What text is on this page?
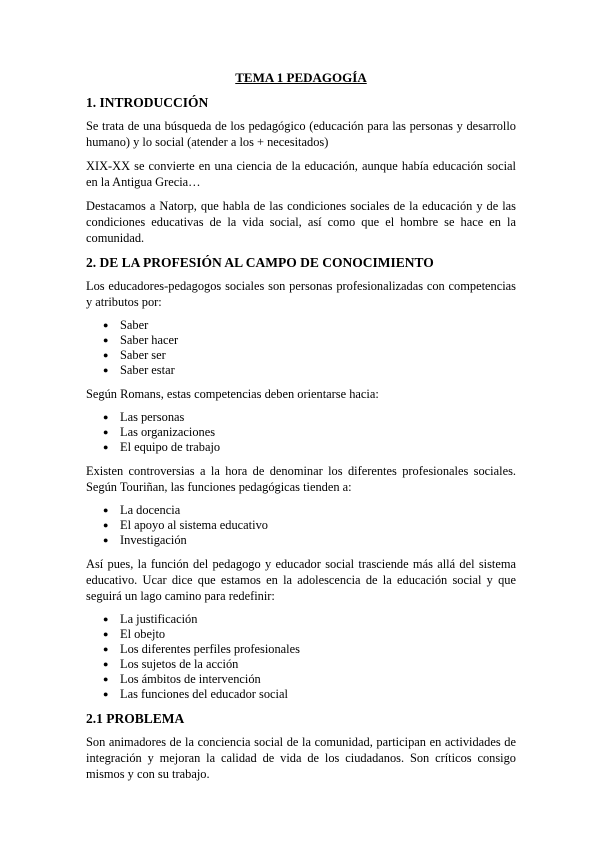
TEMA 1 PEDAGOGÍA
1. INTRODUCCIÓN

Se trata de una búsqueda de los pedagógico (educación para las personas y desarrollo humano) y lo social (atender a los + necesitados)

XIX-XX se convierte en una ciencia de la educación, aunque había educación social en la Antigua Grecia…

Destacamos a Natorp, que habla de las condiciones sociales de la educación y de las condiciones educativas de la vida social, así como que el hombre se hace en la comunidad.

2. DE LA PROFESIÓN AL CAMPO DE CONOCIMIENTO

Los educadores-pedagogos sociales son personas profesionalizadas con competencias y atributos por:

● Saber
● Saber hacer
● Saber ser
● Saber estar

Según Romans, estas competencias deben orientarse hacia:

● Las personas
● Las organizaciones
● El equipo de trabajo

Existen controversias a la hora de denominar los diferentes profesionales sociales. Según Touriñan, las funciones pedagógicas tienden a:

● La docencia
● El apoyo al sistema educativo
● Investigación

Así pues, la función del pedagogo y educador social trasciende más allá del sistema educativo. Ucar dice que estamos en la adolescencia de la educación social y que seguirá un lago camino para redefinir:

● La justificación
● El obejto
● Los diferentes perfiles profesionales
● Los sujetos de la acción
● Los ámbitos de intervención
● Las funciones del educador social
2.1 PROBLEMA

Son animadores de la conciencia social de la comunidad, participan en actividades de integración y mejoran la calidad de vida de los ciudadanos. Son críticos consigo mismos y con su trabajo.
